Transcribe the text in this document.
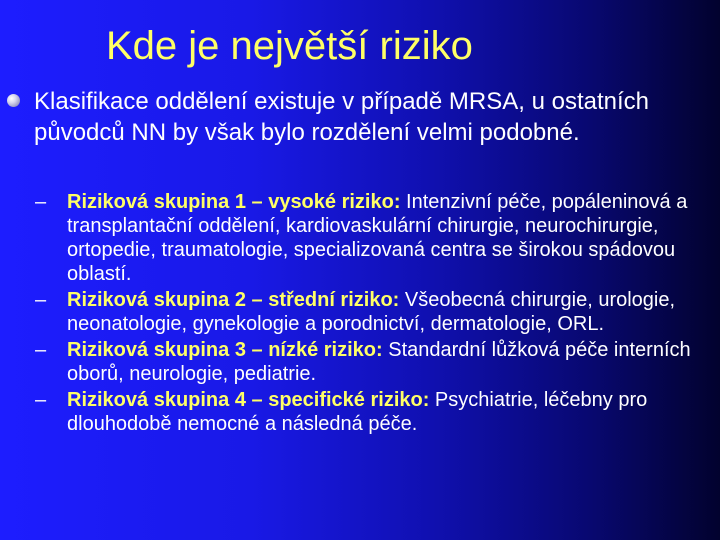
Kde je největší riziko

Klasifikace oddělení existuje v případě MRSA, u ostatních původců NN by však bylo rozdělení velmi podobné.

– Riziková skupina 1 – vysoké riziko: Intenzivní péče, popáleninová a transplantační oddělení, kardiovaskulární chirurgie, neurochirurgie, ortopedie, traumatologie, specializovaná centra se širokou spádovou oblastí.
– Riziková skupina 2 – střední riziko: Všeobecná chirurgie, urologie, neonatologie, gynekologie a porodnictví, dermatologie, ORL.
– Riziková skupina 3 – nízké riziko: Standardní lůžková péče interních oborů, neurologie, pediatrie.
– Riziková skupina 4 – specifické riziko: Psychiatrie, léčebny pro dlouhodobě nemocné a následná péče.
